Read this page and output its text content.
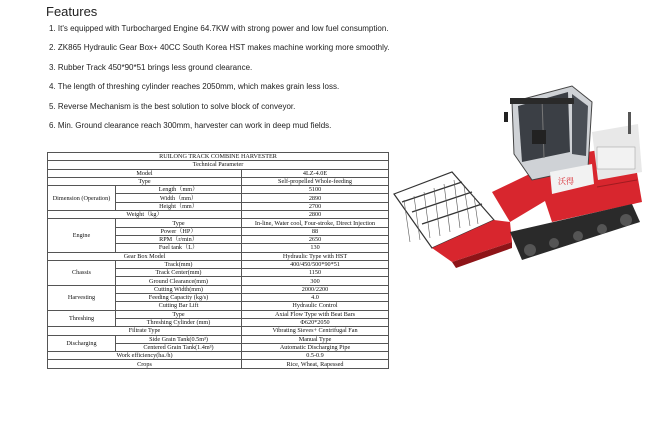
Features
1. It's equipped with Turbocharged Engine 64.7KW with strong power and low fuel consumption.
2. ZK865 Hydraulic Gear Box+ 40CC South Korea HST makes machine working more smoothly.
3. Rubber Track 450*90*51 brings less ground clearance.
4. The length of threshing cylinder reaches 2050mm, which makes grain less loss.
5. Reverse Mechanism is the best solution to solve block of conveyor.
6. Min. Ground clearance reach 300mm, harvester can work in deep mud fields.
RUILONG TRACK COMBINE HARVESTER		
Technical Parameter		
Model		4LZ-4.0E
Type		Self-propelled Whole-feeding
Dimension (Operation)	Length（mm）	5100
	Width（mm）	2890
	Height（mm）	2700
Weight（kg）		2800
Engine	Type	In-line, Water cool, Four-stroke, Direct Injection
	Power（HP）	88
	RPM（r/min）	2650
	Fuel tank（L）	130
Gear Box Model		Hydraulic Type with HST
Chassis	Track(mm)	400/450/500*90*51
	Track Center(mm)	1150
	Ground Clearance(mm)	300
Harvesting	Cutting Width(mm)	2000/2200
	Feeding Capacity (kg/s)	4.0
	Cutting Bar Lift	Hydraulic Control
Threshing	Type	Axial Flow Type with Beat Bars
	Threshing Cylinder (mm)	Φ620*2050
Filtrate Type		Vibrating Sieves+ Centrifugal Fan
Discharging	Side Grain Tank(0.5m³)	Manual Type
	Centered Grain Tank(1.4m³)	Automatic Discharging Pipe
Work efficiency(ha./h)		0.5-0.9
Crops		Rice, Wheat, Rapessed
沃得
